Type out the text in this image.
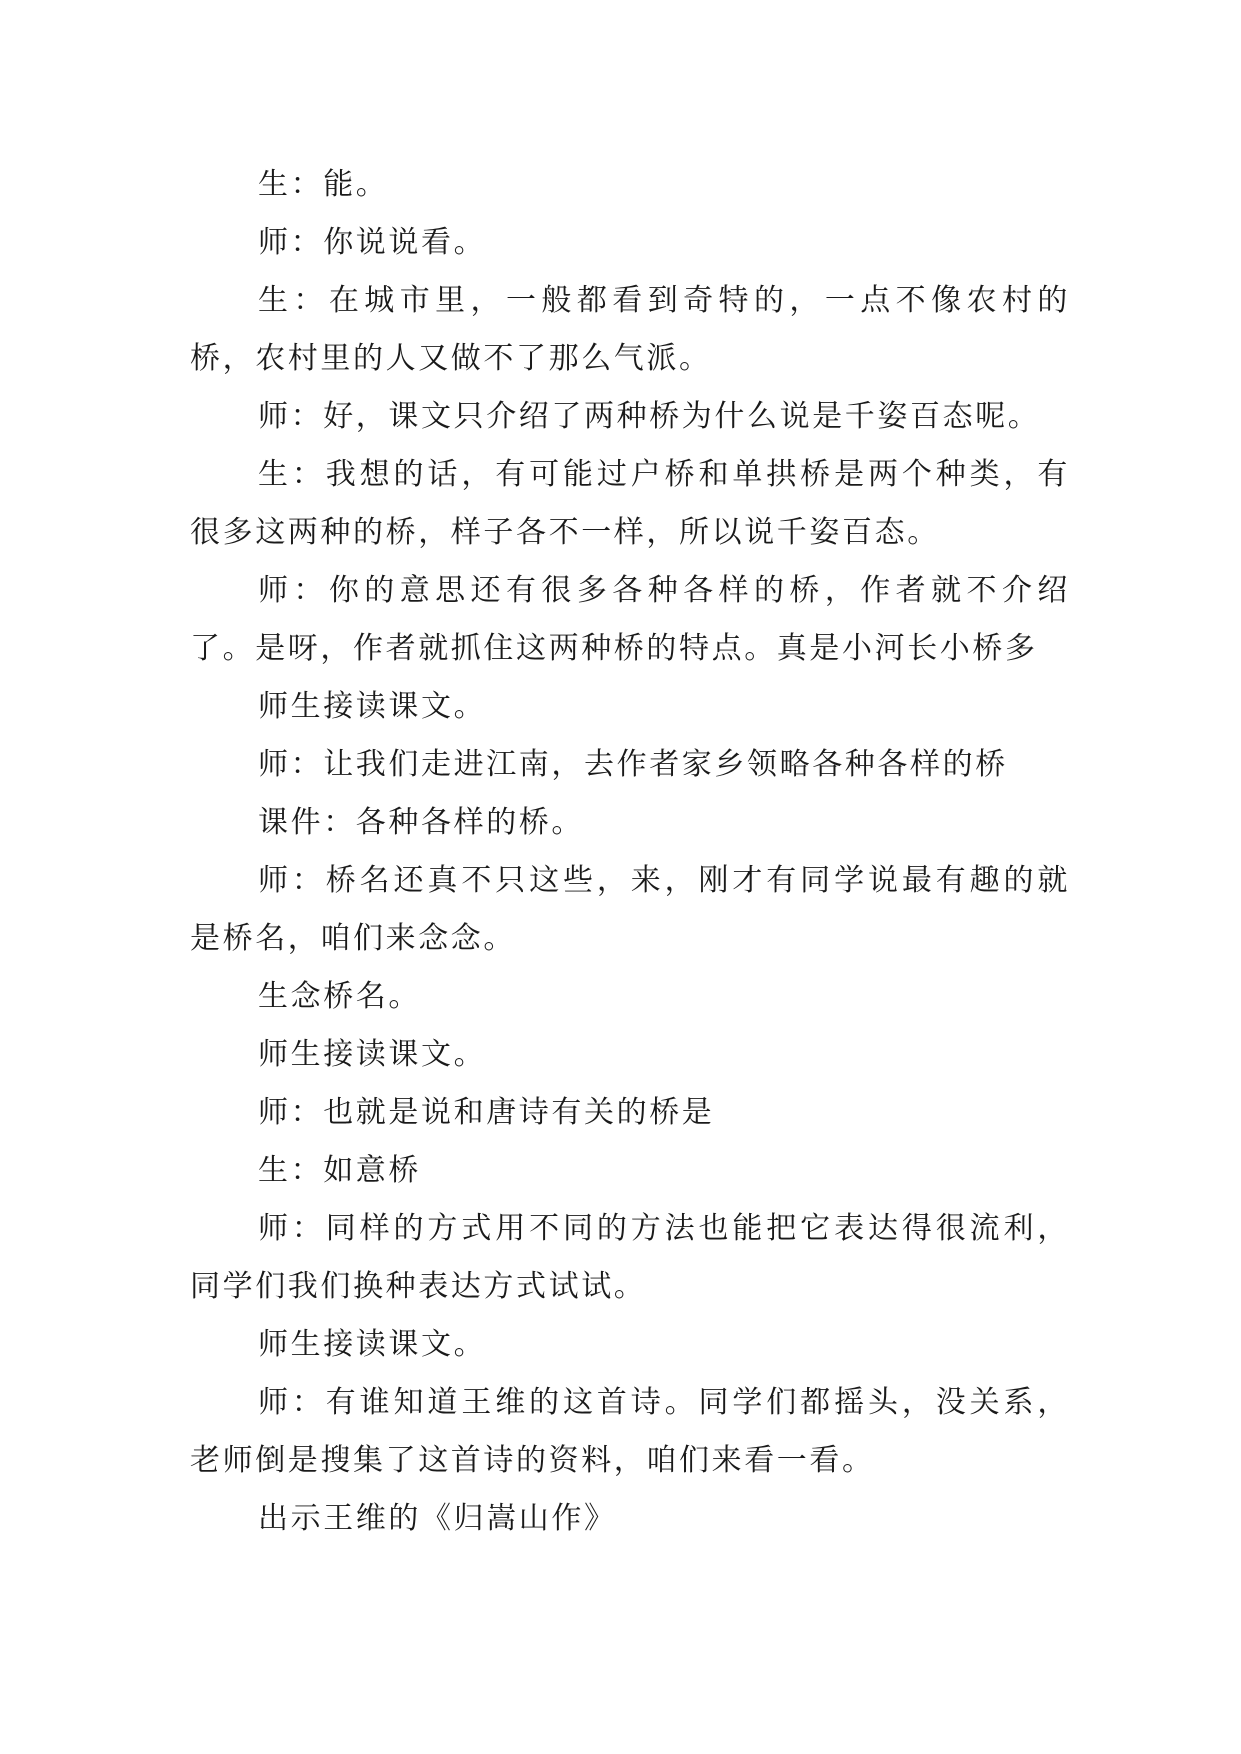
生：能。

师：你说说看。

生：在城市里，一般都看到奇特的，一点不像农村的桥，农村里的人又做不了那么气派。

师：好，课文只介绍了两种桥为什么说是千姿百态呢。

生：我想的话，有可能过户桥和单拱桥是两个种类，有很多这两种的桥，样子各不一样，所以说千姿百态。

师：你的意思还有很多各种各样的桥，作者就不介绍了。是呀，作者就抓住这两种桥的特点。真是小河长小桥多

师生接读课文。

师：让我们走进江南，去作者家乡领略各种各样的桥

课件：各种各样的桥。

师：桥名还真不只这些，来，刚才有同学说最有趣的就是桥名，咱们来念念。

生念桥名。

师生接读课文。

师：也就是说和唐诗有关的桥是

生：如意桥

师：同样的方式用不同的方法也能把它表达得很流利，同学们我们换种表达方式试试。

师生接读课文。

师：有谁知道王维的这首诗。同学们都摇头，没关系，老师倒是搜集了这首诗的资料，咱们来看一看。

出示王维的《归嵩山作》
